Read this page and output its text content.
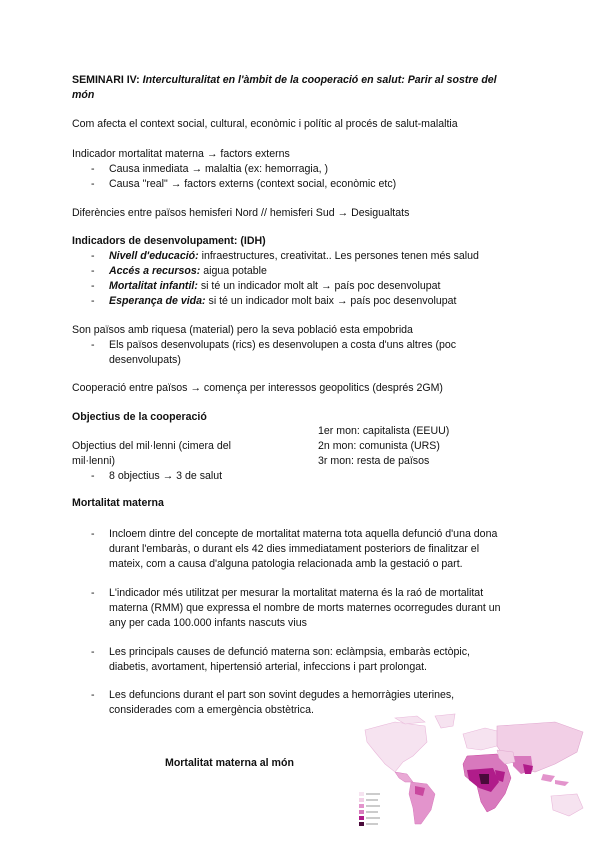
SEMINARI IV: Interculturalitat en l'àmbit de la cooperació en salut: Parir al sostre del
món
Com afecta el context social, cultural, econòmic i polític al procés de salut-malaltia
Indicador mortalitat materna → factors externs
- Causa inmediata → malaltia (ex: hemorragia, )
- Causa "real" → factors externs (context social, econòmic etc)
Diferències entre països hemisferi Nord // hemisferi Sud → Desigualtats
Indicadors de desenvolupament: (IDH)
- Nivell d'educació: infraestructures, creativitat.. Les persones tenen més salud
- Accés a recursos: aigua potable
- Mortalitat infantil: si té un indicador molt alt → país poc desenvolupat
- Esperança de vida: si té un indicador molt baix → país poc desenvolupat
Son països amb riquesa (material) pero la seva població esta empobrida
- Els països desenvolupats (rics) es desenvolupen a costa d'uns altres (poc
desenvolupats)
Cooperació entre països → comença per interessos geopolitics (després 2GM)
Objectius de la cooperació
1er mon: capitalista (EEUU)
Objectius del mil·lenni (cimera del	2n mon: comunista (URS)
mil·lenni)	3r mon: resta de països
- 8 objectius → 3 de salut
Mortalitat materna
- Incloem dintre del concepte de mortalitat materna tota aquella defunció d'una dona
durant l'embaràs, o durant els 42 dies immediatament posteriors de finalitzar el
mateix, com a causa d'alguna patologia relacionada amb la gestació o part.
- L'indicador més utilitzat per mesurar la mortalitat materna és la raó de mortalitat
materna (RMM) que expressa el nombre de morts maternes ocorregudes durant un
any per cada 100.000 infants nascuts vius
- Les principals causes de defunció materna son: eclàmpsia, embaràs ectòpic,
diabetis, avortament, hipertensió arterial, infeccions i part prolongat.
- Les defuncions durant el part son sovint degudes a hemorràgies uterines,
considerades com a emergència obstètrica.
Mortalitat materna al món
